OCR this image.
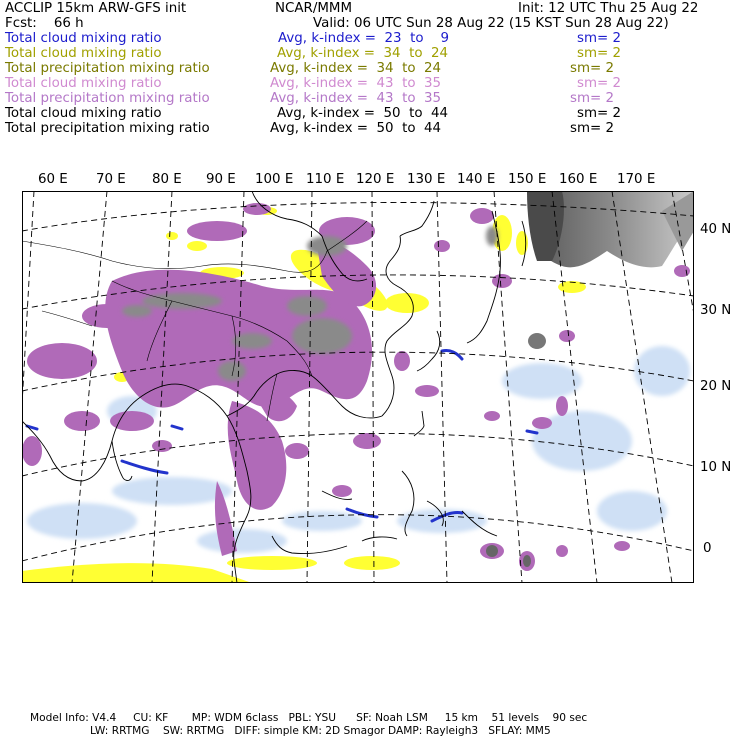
ACCLIP 15km ARW-GFS init	NCAR/MMM	Init: 12 UTC Thu 25 Aug 22
Fcst:    66 h	Valid: 06 UTC Sun 28 Aug 22 (15 KST Sun 28 Aug 22)
Total cloud mixing ratio	Avg, k-index =  23  to    9	sm= 2
Total cloud mixing ratio	Avg, k-index =  34  to  24	sm= 2
Total precipitation mixing ratio	Avg, k-index =  34  to  24	sm= 2
Total cloud mixing ratio	Avg, k-index =  43  to  35	sm= 2
Total precipitation mixing ratio	Avg, k-index =  43  to  35	sm= 2
Total cloud mixing ratio	Avg, k-index =  50  to  44	sm= 2
Total precipitation mixing ratio	Avg, k-index =  50  to  44	sm= 2
60 E 70 E 80 E 90 E 100 E 110 E 120 E 130 E 140 E 150 E 160 E 170 E
40 N
30 N
20 N
10 N
0
Model Info: V4.4     CU: KF       MP: WDM 6class   PBL: YSU      SF: Noah LSM     15 km    51 levels    90 sec
LW: RRTMG    SW: RRTMG   DIFF: simple KM: 2D Smagor DAMP: Rayleigh3   SFLAY: MM5
